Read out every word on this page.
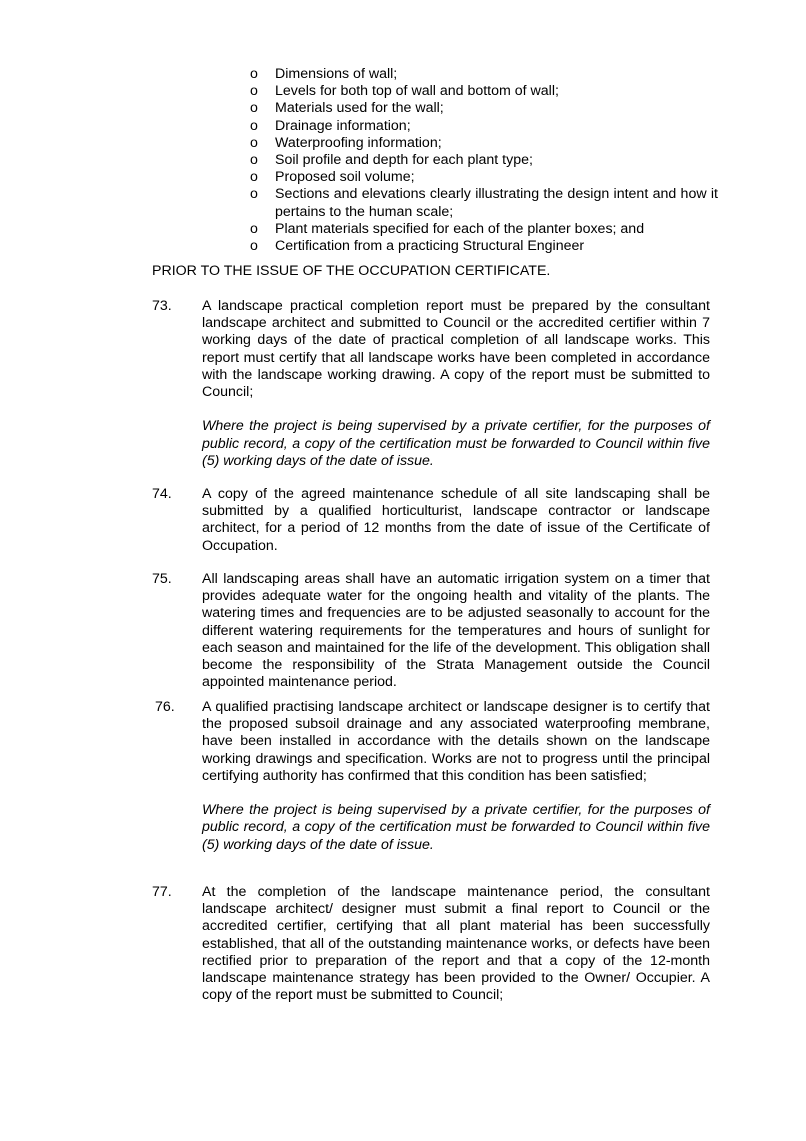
o Dimensions of wall;
o Levels for both top of wall and bottom of wall;
o Materials used for the wall;
o Drainage information;
o Waterproofing information;
o Soil profile and depth for each plant type;
o Proposed soil volume;
o Sections and elevations clearly illustrating the design intent and how it pertains to the human scale;
o Plant materials specified for each of the planter boxes; and
o Certification from a practicing Structural Engineer
PRIOR TO THE ISSUE OF THE OCCUPATION CERTIFICATE.
73. A landscape practical completion report must be prepared by the consultant landscape architect and submitted to Council or the accredited certifier within 7 working days of the date of practical completion of all landscape works. This report must certify that all landscape works have been completed in accordance with the landscape working drawing. A copy of the report must be submitted to Council;
Where the project is being supervised by a private certifier, for the purposes of public record, a copy of the certification must be forwarded to Council within five (5) working days of the date of issue.
74. A copy of the agreed maintenance schedule of all site landscaping shall be submitted by a qualified horticulturist, landscape contractor or landscape architect, for a period of 12 months from the date of issue of the Certificate of Occupation.
75. All landscaping areas shall have an automatic irrigation system on a timer that provides adequate water for the ongoing health and vitality of the plants. The watering times and frequencies are to be adjusted seasonally to account for the different watering requirements for the temperatures and hours of sunlight for each season and maintained for the life of the development. This obligation shall become the responsibility of the Strata Management outside the Council appointed maintenance period.
76. A qualified practising landscape architect or landscape designer is to certify that the proposed subsoil drainage and any associated waterproofing membrane, have been installed in accordance with the details shown on the landscape working drawings and specification. Works are not to progress until the principal certifying authority has confirmed that this condition has been satisfied;
Where the project is being supervised by a private certifier, for the purposes of public record, a copy of the certification must be forwarded to Council within five (5) working days of the date of issue.
77. At the completion of the landscape maintenance period, the consultant landscape architect/ designer must submit a final report to Council or the accredited certifier, certifying that all plant material has been successfully established, that all of the outstanding maintenance works, or defects have been rectified prior to preparation of the report and that a copy of the 12-month landscape maintenance strategy has been provided to the Owner/ Occupier. A copy of the report must be submitted to Council;
